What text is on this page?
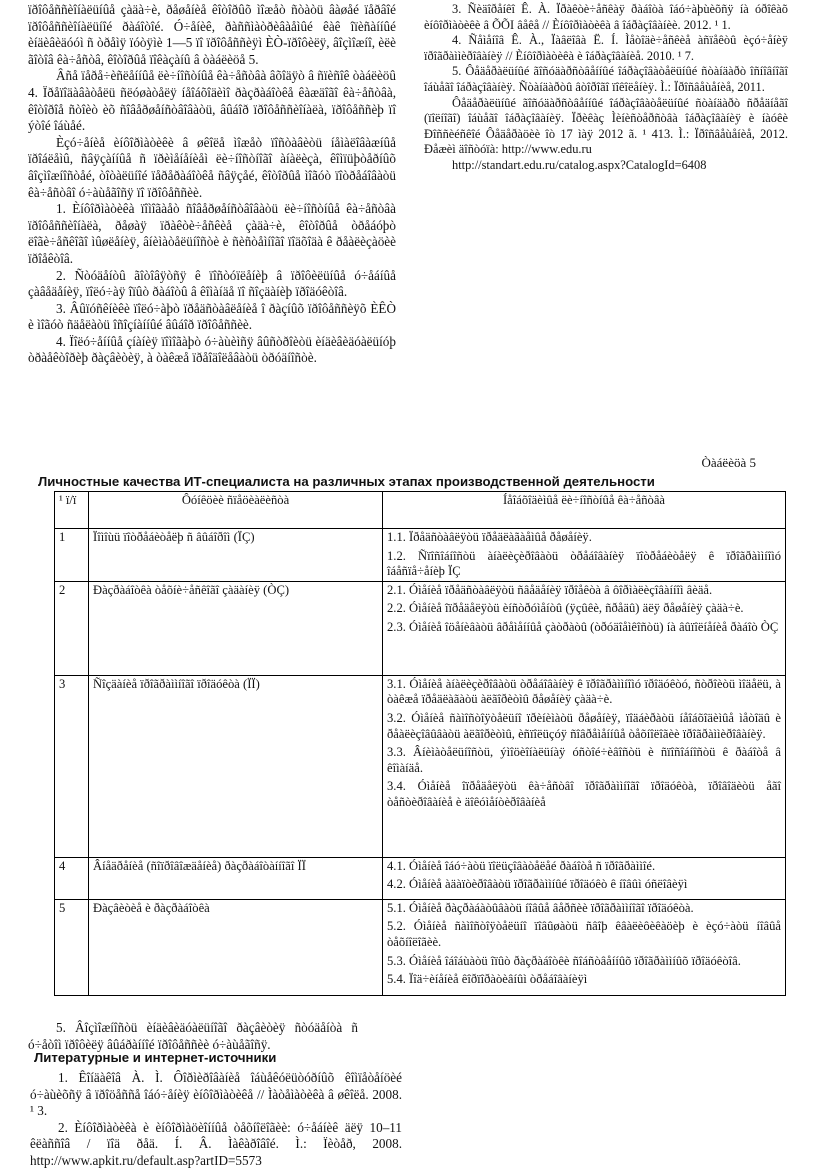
ïðîôåññèîíàëüíûå çàäà÷è, ðåøåíèå êîòîðûõ ìîæåò ñòàòü âàøåé ïåðâîé ïðîôåññèîíàëüíîé ðàáîòîé. Ó÷åíèê, ðàññìàòðèâàåìûé êàê îïèñàííûé èíäèâèäóóì ñ òðåìÿ ïóòÿìè 1—5 ïî ïðîôåññèÿì ÈÒ-ïðîôèëÿ, âîçìîæíî, èëè ãîòîâ êà÷åñòâ, êîòîðûå ïîêàçàíû â òàáëèöå 5.

Âñå ïåðå÷èñëåííûå ëè÷íîñòíûå êà÷åñòâà âõîäÿò â ñïèñîê òàáëèöû 4. Ïðåïîäàâàòåëü ñëóøàòåëÿ íåîáõîäèìî ðàçðàáîòêå êàæäîãî êà÷åñòâà, êîòîðîå ñòîèò èõ ñîâåðøåíñòâîâàòü, âûáîð ïðîôåññèîíàëà, ïðîôåññèþ ïî ýòîé îáùåé.

Èçó÷åíèå èíôîðìàòèêè â øêîëå ìîæåò ïîñòàâèòü íåìàëîâàæíûå ïðîáëåìû, ñâÿçàííûå ñ ïðèìåíåíèåì ëè÷íîñòíîãî àíàëèçà, êîìïüþòåðíûõ âîçìîæíîñòåé, òîòàëüíîé ïåðåðàáîòêå ñâÿçåé, êîòîðûå ìîãóò ïîòðåáîâàòü êà÷åñòâî ó÷àùåãîñÿ ïî ïðîôåññèè.

1. Èíôîðìàòèêà ïîìîãàåò ñîâåðøåíñòâîâàòü ëè÷íîñòíûå êà÷åñòâà ïðîôåññèîíàëà, ðåøàÿ ïðàêòè÷åñêèå çàäà÷è, êîòîðûå òðåáóþò ëîãè÷åñêîãî ìûøëåíèÿ, âíèìàòåëüíîñòè è ñèñòåìíîãî ïîäõîäà ê ðåàëèçàöèè ïðîåêòîâ.

2. Ñòóäåíòû ãîòîâÿòñÿ ê ïîñòóïëåíèþ â ïðîôèëüíûå ó÷åáíûå çàâåäåíèÿ, ïîëó÷àÿ îïûò ðàáîòû â êîìàíäå ïî ñîçäàíèþ ïðîäóêòîâ.

3. Âûïóñêíèêè ïîëó÷àþò ïðåäñòàâëåíèå î ðàçíûõ ïðîôåññèÿõ ÈÊÒ è ìîãóò ñäåëàòü îñîçíàííûé âûáîð ïðîôåññèè.

4. Ïîëó÷åííûå çíàíèÿ ïîìîãàþò ó÷àùèìñÿ âûñòðîèòü èíäèâèäóàëüíóþ òðàåêòîðèþ ðàçâèòèÿ, à òàêæå ïðåîäîëåâàòü òðóäíîñòè.

3. Ñèäîðåíêî Ê. À. Ïðàêòè÷åñêàÿ ðàáîòà îáó÷àþùèõñÿ íà óðîêàõ èíôîðìàòèêè â ÕÕI âåêå // Èíôîðìàòèêà â îáðàçîâàíèè. 2012. ¹ 1.

4. Ñåìåíîâ Ê. À., Ïàâëîâà Ë. Í. Ìåòîäè÷åñêèå àñïåêòû èçó÷åíèÿ ïðîãðàììèðîâàíèÿ // Èíôîðìàòèêà è îáðàçîâàíèå. 2010. ¹ 7.

5. Ôåäåðàëüíûé ãîñóäàðñòâåííûé îáðàçîâàòåëüíûé ñòàíäàðò îñíîâíîãî îáùåãî îáðàçîâàíèÿ. Ñòàíäàðòû âòîðîãî ïîêîëåíèÿ. Ì.: Ïðîñâåùåíèå, 2011.

Ôåäåðàëüíûé ãîñóäàðñòâåííûé îáðàçîâàòåëüíûé ñòàíäàðò ñðåäíåãî (ïîëíîãî) îáùåãî îáðàçîâàíèÿ. Ïðèêàç Ìèíèñòåðñòâà îáðàçîâàíèÿ è íàóêè Ðîññèéñêîé Ôåäåðàöèè îò 17 ìàÿ 2012 ã. ¹ 413. Ì.: Ïðîñâåùåíèå, 2012. Ðåæèì äîñòóïà: http://www.edu.ru

http://standart.edu.ru/catalog.aspx?CatalogId=6408

Òàáëèöà 5
Личностные качества ИТ-специалиста на различных этапах производственной деятельности
¹ ï/ï	Ôóíêöèè ñïåöèàëèñòà	Íåîáõîäèìûå ëè÷íîñòíûå êà÷åñòâà
1	Ïîìîùü ïîòðåáèòåëþ ñ âûáîðîì (ÏÇ)	1.1. Ïðåäñòàâëÿòü ïðåäëàãàåìûå ðåøåíèÿ.

1.2. Ñïîñîáíîñòü àíàëèçèðîâàòü òðåáîâàíèÿ ïîòðåáèòåëÿ ê ïðîãðàììíîìó îáåñïå÷åíèþ ÏÇ

2	Ðàçðàáîòêà òåõíè÷åñêîãî çàäàíèÿ (ÒÇ)	2.1. Óìåíèå ïðåäñòàâëÿòü ñâåäåíèÿ ïðîåêòà â ôîðìàëèçîâàííîì âèäå.

2.2. Óìåíèå îïðåäåëÿòü èíñòðóìåíòû (ÿçûêè, ñðåäû) äëÿ ðåøåíèÿ çàäà÷è.

2.3. Óìåíèå îöåíèâàòü âðåìåííûå çàòðàòû (òðóäîåìêîñòü) íà âûïîëíåíèå ðàáîò ÒÇ

3	Ñîçäàíèå ïðîãðàììíîãî ïðîäóêòà (ÏÏ)	3.1. Óìåíèå àíàëèçèðîâàòü òðåáîâàíèÿ ê ïðîãðàììíîìó ïðîäóêòó, ñòðîèòü ìîäåëü, à òàêæå ïðåäëàãàòü àëãîðèòìû ðåøåíèÿ çàäà÷è.

3.2. Óìåíèå ñàìîñòîÿòåëüíî ïðèíèìàòü ðåøåíèÿ, ïîäáèðàòü íåîáõîäèìûå ìåòîäû è ðåàëèçîâûâàòü àëãîðèòìû, èñïîëüçóÿ ñîâðåìåííûå òåõíîëîãèè ïðîãðàììèðîâàíèÿ.

3.3. Âíèìàòåëüíîñòü, ýìîöèîíàëüíàÿ óñòîé÷èâîñòü è ñïîñîáíîñòü ê ðàáîòå â êîìàíäå.

3.4. Óìåíèå îïðåäåëÿòü êà÷åñòâî ïðîãðàììíîãî ïðîäóêòà, ïðîâîäèòü åãî òåñòèðîâàíèå è äîêóìåíòèðîâàíèå

4	Âíåäðåíèå (ñîïðîâîæäåíèå) ðàçðàáîòàííîãî ÏÏ	4.1. Óìåíèå îáó÷àòü ïîëüçîâàòåëåé ðàáîòå ñ ïðîãðàììîé.

4.2. Óìåíèå àäàïòèðîâàòü ïðîãðàììíûé ïðîäóêò ê íîâûì óñëîâèÿì

5	Ðàçâèòèå è ðàçðàáîòêà	5.1. Óìåíèå ðàçðàáàòûâàòü íîâûå âåðñèè ïðîãðàììíîãî ïðîäóêòà.

5.2. Óìåíèå ñàìîñòîÿòåëüíî ïîâûøàòü ñâîþ êâàëèôèêàöèþ è èçó÷àòü íîâûå òåõíîëîãèè.

5.3. Óìåíèå îáîáùàòü îïûò ðàçðàáîòêè ñîáñòâåííûõ ïðîãðàììíûõ ïðîäóêòîâ.

5.4. Ïîä÷èíåíèå êîðïîðàòèâíûì òðåáîâàíèÿì

5. Âîçìîæíîñòü èíäèâèäóàëüíîãî ðàçâèòèÿ ñòóäåíòà ñ ó÷åòîì ïðîôèëÿ âûáðàííîé ïðîôåññèè ó÷àùåãîñÿ.

Литературные и интернет-источники

1. Êîíäàêîâ À. Ì. Ôîðìèðîâàíèå îáùåêóëüòóðíûõ êîìïåòåíöèé ó÷àùèõñÿ â ïðîöåññå îáó÷åíèÿ èíôîðìàòèêå // Ìàòåìàòèêà â øêîëå. 2008. ¹ 3.

2. Èíôîðìàòèêà è èíôîðìàöèîííûå òåõíîëîãèè: ó÷åáíèê äëÿ 10–11 êëàññîâ / ïîä ðåä. Í. Â. Ìàêàðîâîé. Ì.: Ïèòåð, 2008. http://www.apkit.ru/default.asp?artID=5573
